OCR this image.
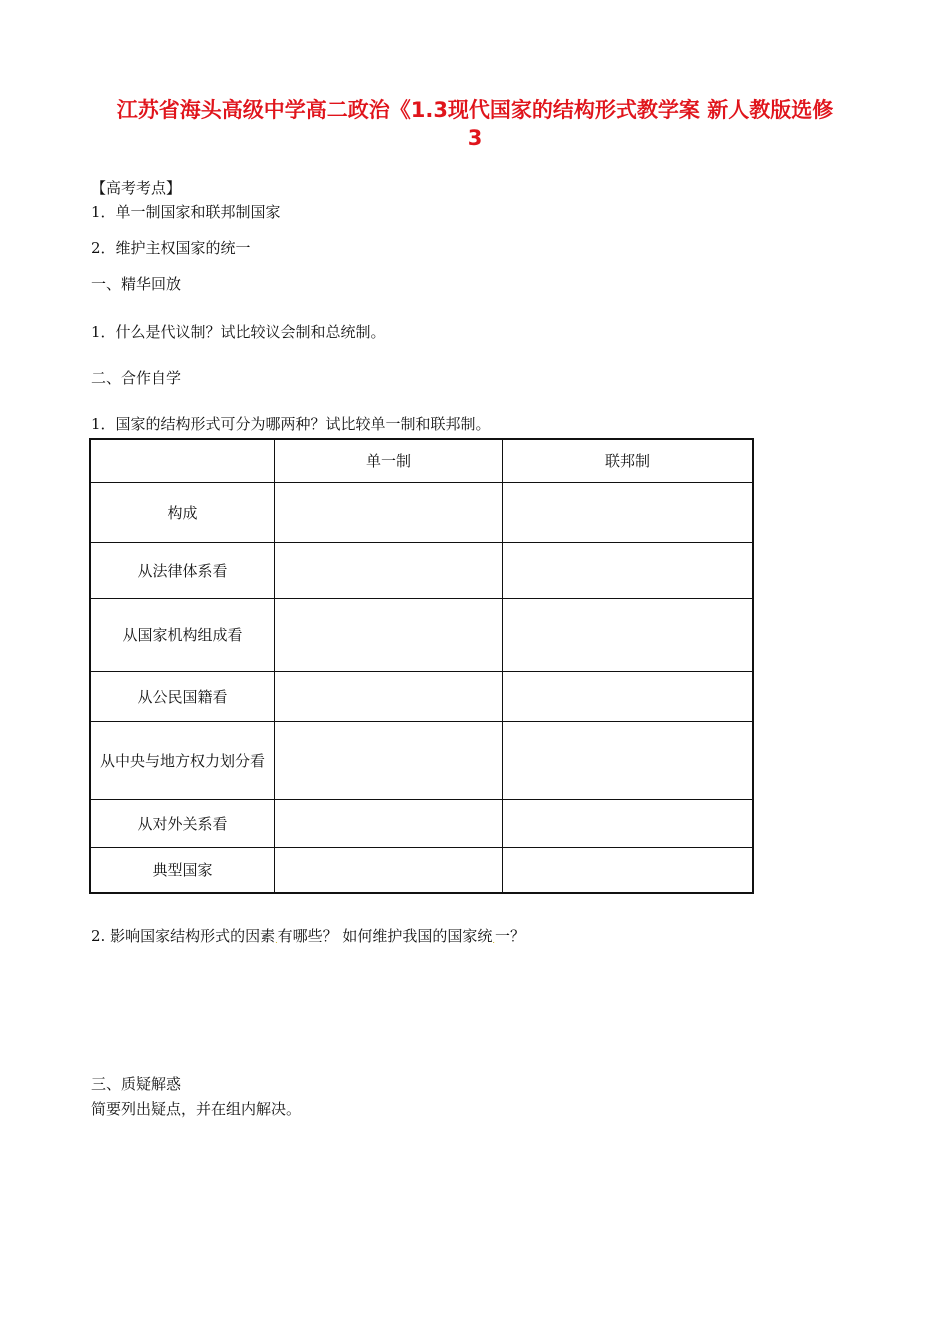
江苏省海头高级中学高二政治《1.3现代国家的结构形式教学案 新人教版选修
3
【高考考点】
1．单一制国家和联邦制国家
2．维护主权国家的统一
一、精华回放
1．什么是代议制？试比较议会制和总统制。
二、合作自学
1．国家的结构形式可分为哪两种？试比较单一制和联邦制。
	单一制	联邦制
构成		
从法律体系看		
从国家机构组成看		
从公民国籍看		
从中央与地方权力划分看		
从对外关系看		
典型国家		
2. 影响国家结构形式的因素.有哪些？ 如何维护我国的国家统.一？
三、质疑解惑
简要列出疑点，并在组内解决。
